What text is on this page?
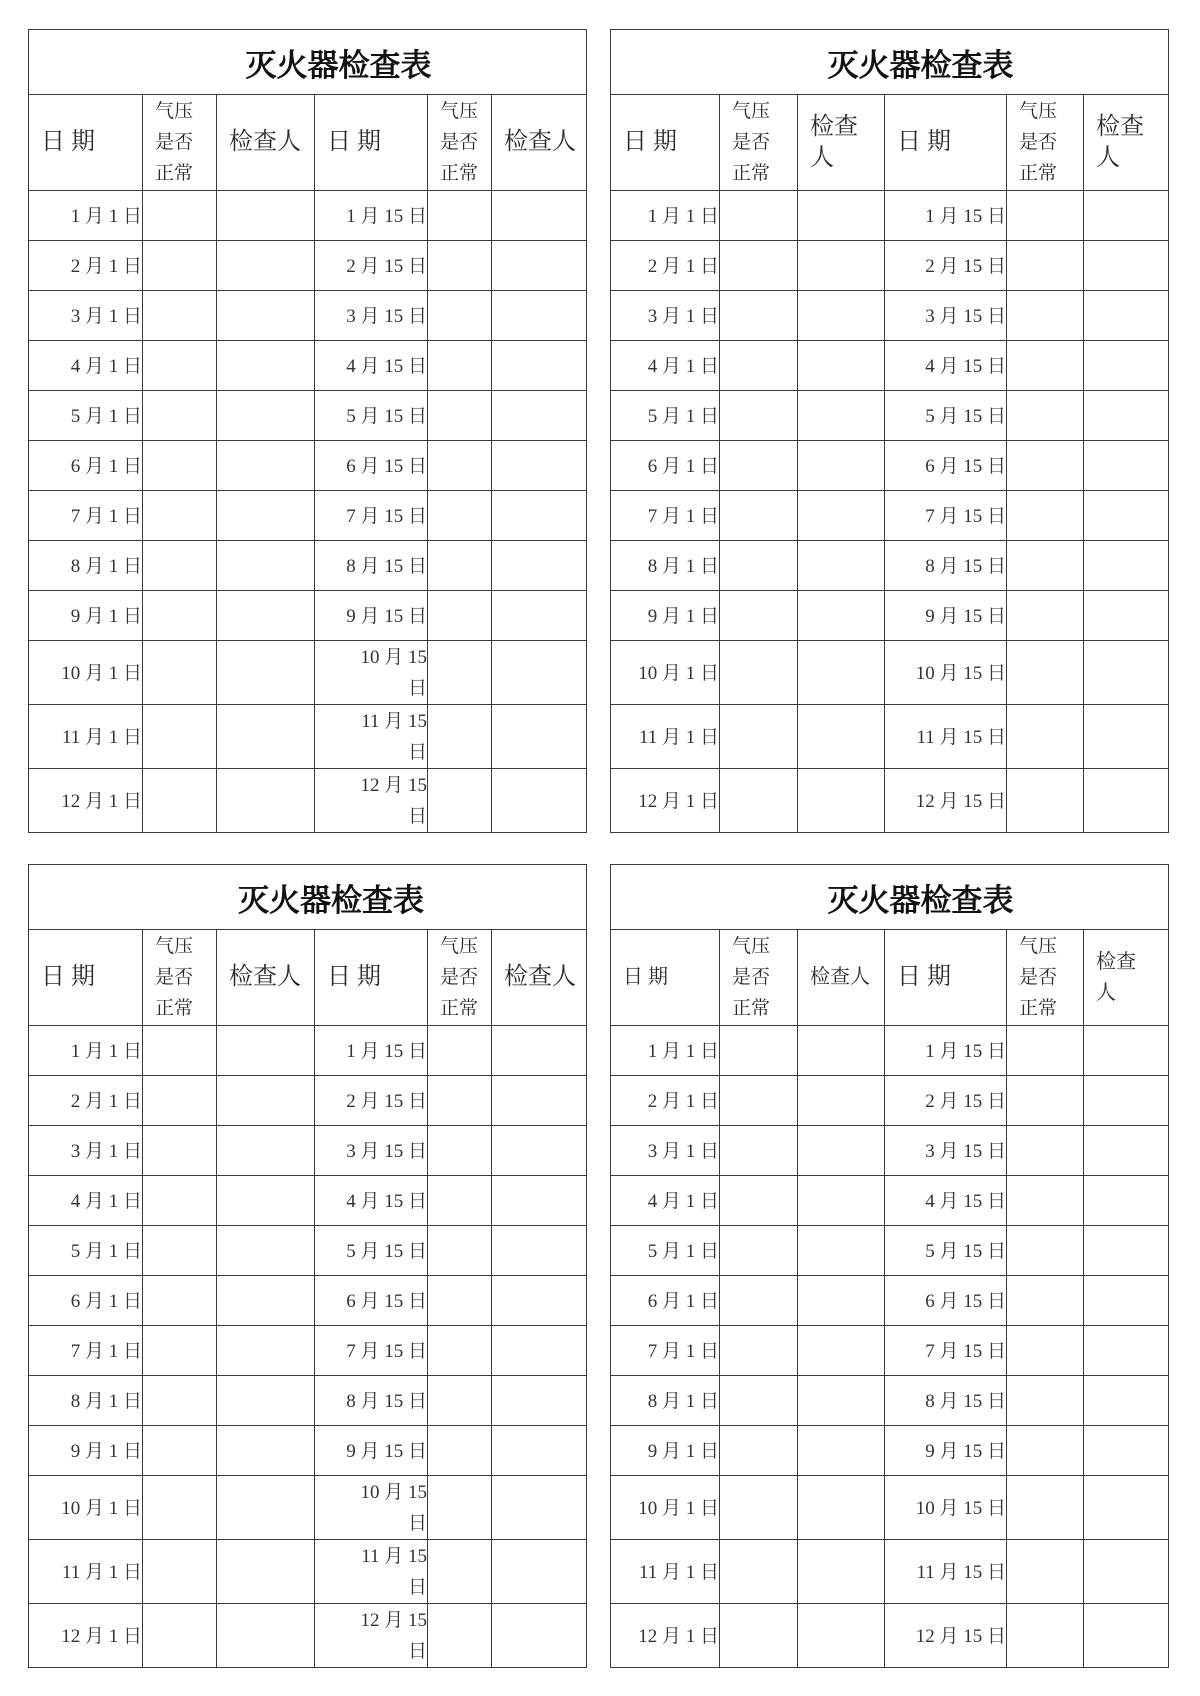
灭火器检查表					
日 期	气压
是否
正常	检查人	日 期	气压
是否
正常	检查人
1 月 1 日			1 月 15 日		
2 月 1 日			2 月 15 日		
3 月 1 日			3 月 15 日		
4 月 1 日			4 月 15 日		
5 月 1 日			5 月 15 日		
6 月 1 日			6 月 15 日		
7 月 1 日			7 月 15 日		
8 月 1 日			8 月 15 日		
9 月 1 日			9 月 15 日		
10 月 1 日			10 月 15 日		
11 月 1 日			11 月 15 日		
12 月 1 日			12 月 15 日		
灭火器检查表					
日 期	气压
是否
正常	检查人	日 期	气压
是否
正常	检查人

1 月 1 日			1 月 15 日		
2 月 1 日			2 月 15 日		
3 月 1 日			3 月 15 日		
4 月 1 日			4 月 15 日		
5 月 1 日			5 月 15 日		
6 月 1 日			6 月 15 日		
7 月 1 日			7 月 15 日		
8 月 1 日			8 月 15 日		
9 月 1 日			9 月 15 日		
10 月 1 日			10 月 15 日		
11 月 1 日			11 月 15 日		
12 月 1 日			12 月 15 日		
灭火器检查表					
日 期	气压
是否
正常	检查人	日 期	气压
是否
正常	检查人
1 月 1 日			1 月 15 日		
2 月 1 日			2 月 15 日		
3 月 1 日			3 月 15 日		
4 月 1 日			4 月 15 日		
5 月 1 日			5 月 15 日		
6 月 1 日			6 月 15 日		
7 月 1 日			7 月 15 日		
8 月 1 日			8 月 15 日		
9 月 1 日			9 月 15 日		
10 月 1 日			10 月 15 日		
11 月 1 日			11 月 15 日		
12 月 1 日			12 月 15 日		
灭火器检查表					
日 期	气压
是否
正常	检查人	日 期	气压
是否
正常	检查人

1 月 1 日			1 月 15 日		
2 月 1 日			2 月 15 日		
3 月 1 日			3 月 15 日		
4 月 1 日			4 月 15 日		
5 月 1 日			5 月 15 日		
6 月 1 日			6 月 15 日		
7 月 1 日			7 月 15 日		
8 月 1 日			8 月 15 日		
9 月 1 日			9 月 15 日		
10 月 1 日			10 月 15 日		
11 月 1 日			11 月 15 日		
12 月 1 日			12 月 15 日		
